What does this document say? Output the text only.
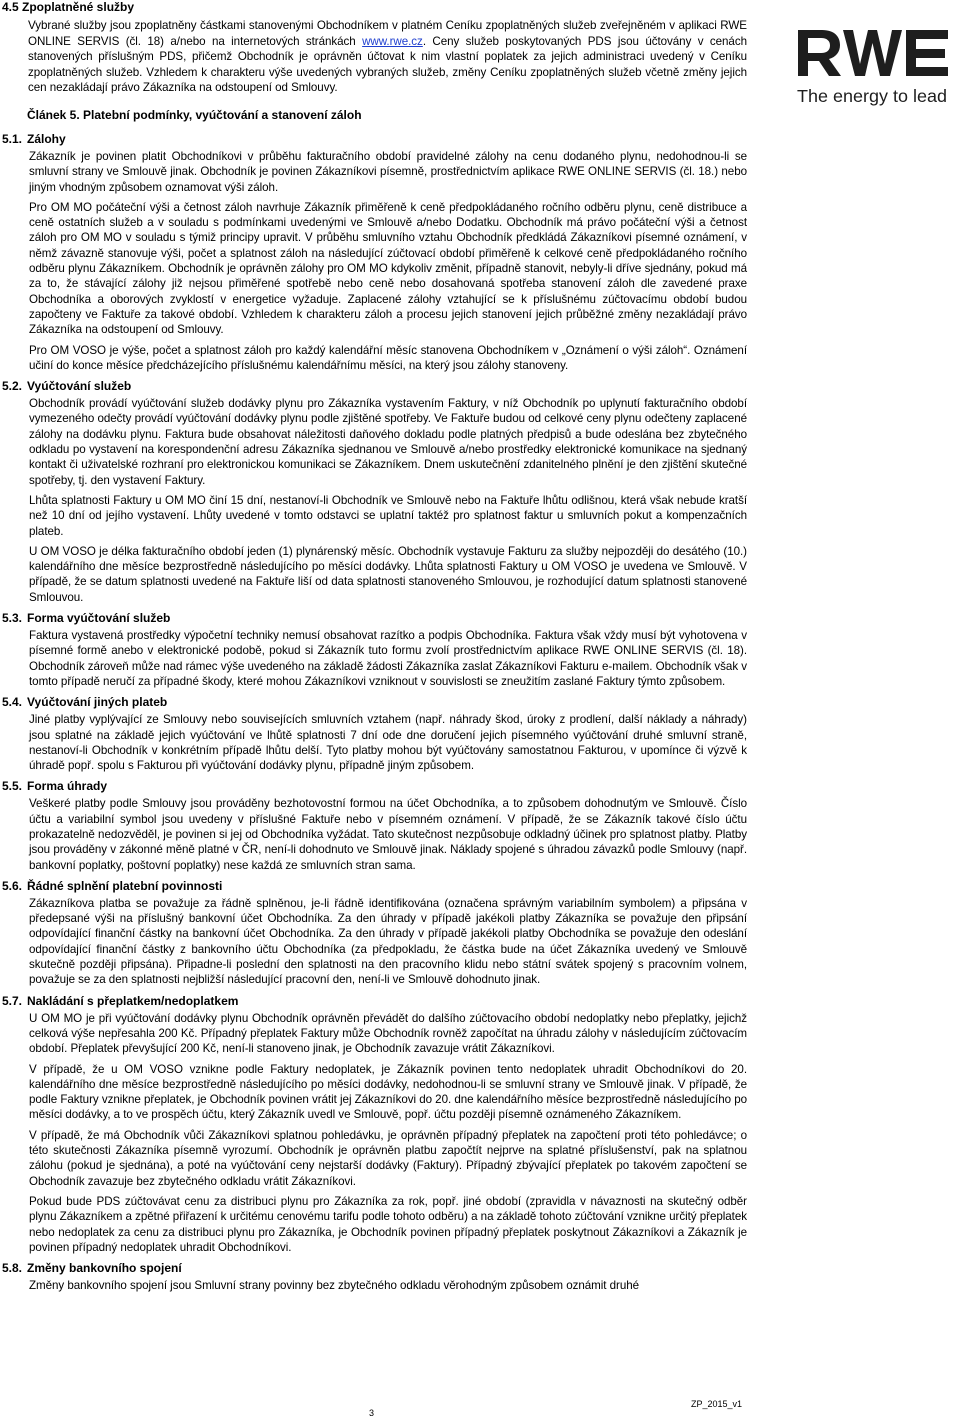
4.5 Zpoplatněné služby

Vybrané služby jsou zpoplatněny částkami stanovenými Obchodníkem v platném Ceníku zpoplatněných služeb zveřejněném v aplikaci RWE ONLINE SERVIS (čl. 18) a/nebo na internetových stránkách www.rwe.cz. Ceny služeb poskytovaných PDS jsou účtovány v cenách stanovených příslušným PDS, přičemž Obchodník je oprávněn účtovat k nim vlastní poplatek za jejich administraci uvedený v Ceníku zpoplatněných služeb. Vzhledem k charakteru výše uvedených vybraných služeb, změny Ceníku zpoplatněných služeb včetně změny jejich cen nezakládají právo Zákazníka na odstoupení od Smlouvy.	The energy to lead

Článek 5. Platební podmínky, vyúčtování a stanovení záloh

5.1. Zálohy

Zákazník je povinen platit Obchodníkovi v průběhu fakturačního období pravidelné zálohy na cenu dodaného plynu, nedohodnou-li se smluvní strany ve Smlouvě jinak. Obchodník je povinen Zákazníkovi písemně, prostřednictvím aplikace RWE ONLINE SERVIS (čl. 18.) nebo jiným vhodným způsobem oznamovat výši záloh.

Pro OM MO počáteční výši a četnost záloh navrhuje Zákazník přiměřeně k ceně předpokládaného ročního odběru plynu, ceně distribuce a ceně ostatních služeb a v souladu s podmínkami uvedenými ve Smlouvě a/nebo Dodatku. Obchodník má právo počáteční výši a četnost záloh pro OM MO v souladu s týmiž principy upravit. V průběhu smluvního vztahu Obchodník předkládá Zákazníkovi písemné oznámení, v němž závazně stanovuje výši, počet a splatnost záloh na následující zúčtovací období přiměřeně k celkové ceně předpokládaného ročního odběru plynu Zákazníkem. Obchodník je oprávněn zálohy pro OM MO kdykoliv změnit, případně stanovit, nebyly-li dříve sjednány, pokud má za to, že stávající zálohy již nejsou přiměřené spotřebě nebo ceně nebo dosahovaná spotřeba stanovení záloh dle zavedené praxe Obchodníka a oborových zvyklostí v energetice vyžaduje. Zaplacené zálohy vztahující se k příslušnému zúčtovacímu období budou započteny ve Faktuře za takové období. Vzhledem k charakteru záloh a procesu jejich stanovení jejich průběžné změny nezakládají právo Zákazníka na odstoupení od Smlouvy.

Pro OM VOSO je výše, počet a splatnost záloh pro každý kalendářní měsíc stanovena Obchodníkem v „Oznámení o výši záloh“. Oznámení učiní do konce měsíce předcházejícího příslušnému kalendářnímu měsíci, na který jsou zálohy stanoveny.

5.2. Vyúčtování služeb

Obchodník provádí vyúčtování služeb dodávky plynu pro Zákazníka vystavením Faktury, v níž Obchodník po uplynutí fakturačního období vymezeného odečty provádí vyúčtování dodávky plynu podle zjištěné spotřeby. Ve Faktuře budou od celkové ceny plynu odečteny zaplacené zálohy na dodávku plynu. Faktura bude obsahovat náležitosti daňového dokladu podle platných předpisů a bude odeslána bez zbytečného odkladu po vystavení na korespondenční adresu Zákazníka sjednanou ve Smlouvě a/nebo prostředky elektronické komunikace na sjednaný kontakt či uživatelské rozhraní pro elektronickou komunikaci se Zákazníkem. Dnem uskutečnění zdanitelného plnění je den zjištění skutečné spotřeby, tj. den vystavení Faktury.

Lhůta splatnosti Faktury u OM MO činí 15 dní, nestanoví-li Obchodník ve Smlouvě nebo na Faktuře lhůtu odlišnou, která však nebude kratší než 10 dní od jejího vystavení. Lhůty uvedené v tomto odstavci se uplatní taktéž pro splatnost faktur u smluvních pokut a kompenzačních plateb.

U OM VOSO je délka fakturačního období jeden (1) plynárenský měsíc. Obchodník vystavuje Fakturu za služby nejpozději do desátého (10.) kalendářního dne měsíce bezprostředně následujícího po měsíci dodávky. Lhůta splatnosti Faktury u OM VOSO je uvedena ve Smlouvě. V případě, že se datum splatnosti uvedené na Faktuře liší od data splatnosti stanoveného Smlouvou, je rozhodující datum splatnosti stanovené Smlouvou.

5.3. Forma vyúčtování služeb

Faktura vystavená prostředky výpočetní techniky nemusí obsahovat razítko a podpis Obchodníka. Faktura však vždy musí být vyhotovena v písemné formě anebo v elektronické podobě, pokud si Zákazník tuto formu zvolí prostřednictvím aplikace RWE ONLINE SERVIS (čl. 18). Obchodník zároveň může nad rámec výše uvedeného na základě žádosti Zákazníka zaslat Zákazníkovi Fakturu e-mailem. Obchodník však v tomto případě neručí za případné škody, které mohou Zákazníkovi vzniknout v souvislosti se zneužitím zaslané Faktury týmto způsobem.

5.4. Vyúčtování jiných plateb

Jiné platby vyplývající ze Smlouvy nebo souvisejících smluvních vztahem (např. náhrady škod, úroky z prodlení, další náklady a náhrady) jsou splatné na základě jejich vyúčtování ve lhůtě splatnosti 7 dní ode dne doručení jejich písemného vyúčtování druhé smluvní straně, nestanoví-li Obchodník v konkrétním případě lhůtu delší. Tyto platby mohou být vyúčtovány samostatnou Fakturou, v upomínce či výzvě k úhradě popř. spolu s Fakturou při vyúčtování dodávky plynu, případně jiným způsobem.

5.5. Forma úhrady

Veškeré platby podle Smlouvy jsou prováděny bezhotovostní formou na účet Obchodníka, a to způsobem dohodnutým ve Smlouvě. Číslo účtu a variabilní symbol jsou uvedeny v příslušné Faktuře nebo v písemném oznámení. V případě, že se Zákazník takové číslo účtu prokazatelně nedozvěděl, je povinen si jej od Obchodníka vyžádat. Tato skutečnost nezpůsobuje odkladný účinek pro splatnost platby. Platby jsou prováděny v zákonné měně platné v ČR, není-li dohodnuto ve Smlouvě jinak. Náklady spojené s úhradou závazků podle Smlouvy (např. bankovní poplatky, poštovní poplatky) nese každá ze smluvních stran sama.

5.6. Řádné splnění platební povinnosti

Zákazníkova platba se považuje za řádně splněnou, je-li řádně identifikována (označena správným variabilním symbolem) a připsána v předepsané výši na příslušný bankovní účet Obchodníka. Za den úhrady v případě jakékoli platby Zákazníka se považuje den připsání odpovídající finanční částky na bankovní účet Obchodníka. Za den úhrady v případě jakékoli platby Obchodníka se považuje den odeslání odpovídající finanční částky z bankovního účtu Obchodníka (za předpokladu, že částka bude na účet Zákazníka uvedený ve Smlouvě skutečně později připsána). Připadne-li poslední den splatnosti na den pracovního klidu nebo státní svátek spojený s pracovním volnem, považuje se za den splatnosti nejbližší následující pracovní den, není-li ve Smlouvě dohodnuto jinak.

5.7. Nakládání s přeplatkem/nedoplatkem

U OM MO je při vyúčtování dodávky plynu Obchodník oprávněn převádět do dalšího zúčtovacího období nedoplatky nebo přeplatky, jejichž celková výše nepřesahla 200 Kč. Případný přeplatek Faktury může Obchodník rovněž započítat na úhradu zálohy v následujícím zúčtovacím období. Přeplatek převyšující 200 Kč, není-li stanoveno jinak, je Obchodník zavazuje vrátit Zákazníkovi.

V případě, že u OM VOSO vznikne podle Faktury nedoplatek, je Zákazník povinen tento nedoplatek uhradit Obchodníkovi do 20. kalendářního dne měsíce bezprostředně následujícího po měsíci dodávky, nedohodnou-li se smluvní strany ve Smlouvě jinak. V případě, že podle Faktury vznikne přeplatek, je Obchodník povinen vrátit jej Zákazníkovi do 20. dne kalendářního měsíce bezprostředně následujícího po měsíci dodávky, a to ve prospěch účtu, který Zákazník uvedl ve Smlouvě, popř. účtu později písemně oznámeného Zákazníkem.

V případě, že má Obchodník vůči Zákazníkovi splatnou pohledávku, je oprávněn případný přeplatek na započtení proti této pohledávce; o této skutečnosti Zákazníka písemně vyrozumí. Obchodník je oprávněn platbu započtít nejprve na splatné příslušenství, pak na splatnou zálohu (pokud je sjednána), a poté na vyúčtování ceny nejstarší dodávky (Faktury). Případný zbývající přeplatek po takovém započtení se Obchodník zavazuje bez zbytečného odkladu vrátit Zákazníkovi.

Pokud bude PDS zúčtovávat cenu za distribuci plynu pro Zákazníka za rok, popř. jiné období (zpravidla v návaznosti na skutečný odběr plynu Zákazníkem a zpětné přiřazení k určitému cenovému tarifu podle tohoto odběru) a na základě tohoto zúčtování vznikne určitý přeplatek nebo nedoplatek za cenu za distribuci plynu pro Zákazníka, je Obchodník povinen případný přeplatek poskytnout Zákazníkovi a Zákazník je povinen případný nedoplatek uhradit Obchodníkovi.

5.8. Změny bankovního spojení

Změny bankovního spojení jsou Smluvní strany povinny bez zbytečného odkladu věrohodným způsobem oznámit druhé

3
ZP_2015_v1
